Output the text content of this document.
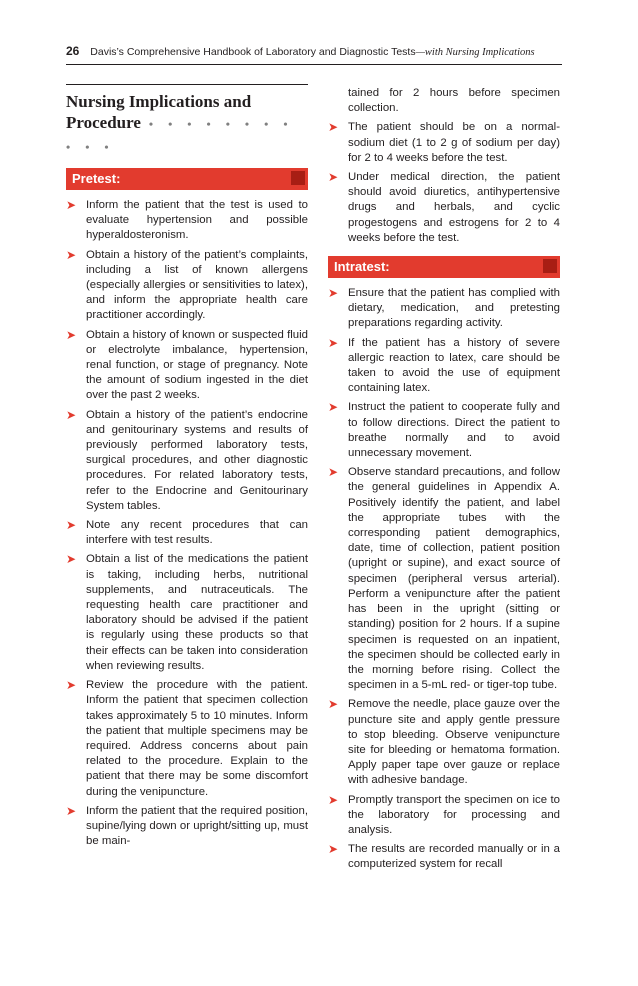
26 Davis’s Comprehensive Handbook of Laboratory and Diagnostic Tests—with Nursing Implications
Nursing Implications and
Procedure • • • • • • • • • • •
Pretest:
➤ Inform the patient that the test is used to evaluate hypertension and possible hyperaldosteronism.
➤ Obtain a history of the patient’s complaints, including a list of known allergens (especially allergies or sensitivities to latex), and inform the appropriate health care practitioner accordingly.
➤ Obtain a history of known or suspected fluid or electrolyte imbalance, hypertension, renal function, or stage of pregnancy. Note the amount of sodium ingested in the diet over the past 2 weeks.
➤ Obtain a history of the patient’s endocrine and genitourinary systems and results of previously performed laboratory tests, surgical procedures, and other diagnostic procedures. For related laboratory tests, refer to the Endocrine and Genitourinary System tables.
➤ Note any recent procedures that can interfere with test results.
➤ Obtain a list of the medications the patient is taking, including herbs, nutritional supplements, and nutraceuticals. The requesting health care practitioner and laboratory should be advised if the patient is regularly using these products so that their effects can be taken into consideration when reviewing results.
➤ Review the procedure with the patient. Inform the patient that specimen collection takes approximately 5 to 10 minutes. Inform the patient that multiple specimens may be required. Address concerns about pain related to the procedure. Explain to the patient that there may be some discomfort during the venipuncture.
➤ Inform the patient that the required position, supine/lying down or upright/sitting up, must be main-
tained for 2 hours before specimen collection.
➤ The patient should be on a normal-sodium diet (1 to 2 g of sodium per day) for 2 to 4 weeks before the test.
➤ Under medical direction, the patient should avoid diuretics, antihypertensive drugs and herbals, and cyclic progestogens and estrogens for 2 to 4 weeks before the test.
Intratest:
➤ Ensure that the patient has complied with dietary, medication, and pretesting preparations regarding activity.
➤ If the patient has a history of severe allergic reaction to latex, care should be taken to avoid the use of equipment containing latex.
➤ Instruct the patient to cooperate fully and to follow directions. Direct the patient to breathe normally and to avoid unnecessary movement.
➤ Observe standard precautions, and follow the general guidelines in Appendix A. Positively identify the patient, and label the appropriate tubes with the corresponding patient demographics, date, time of collection, patient position (upright or supine), and exact source of specimen (peripheral versus arterial). Perform a venipuncture after the patient has been in the upright (sitting or standing) position for 2 hours. If a supine specimen is requested on an inpatient, the specimen should be collected early in the morning before rising. Collect the specimen in a 5-mL red- or tiger-top tube.
➤ Remove the needle, place gauze over the puncture site and apply gentle pressure to stop bleeding. Observe venipuncture site for bleeding or hematoma formation. Apply paper tape over gauze or replace with adhesive bandage.
➤ Promptly transport the specimen on ice to the laboratory for processing and analysis.
➤ The results are recorded manually or in a computerized system for recall
